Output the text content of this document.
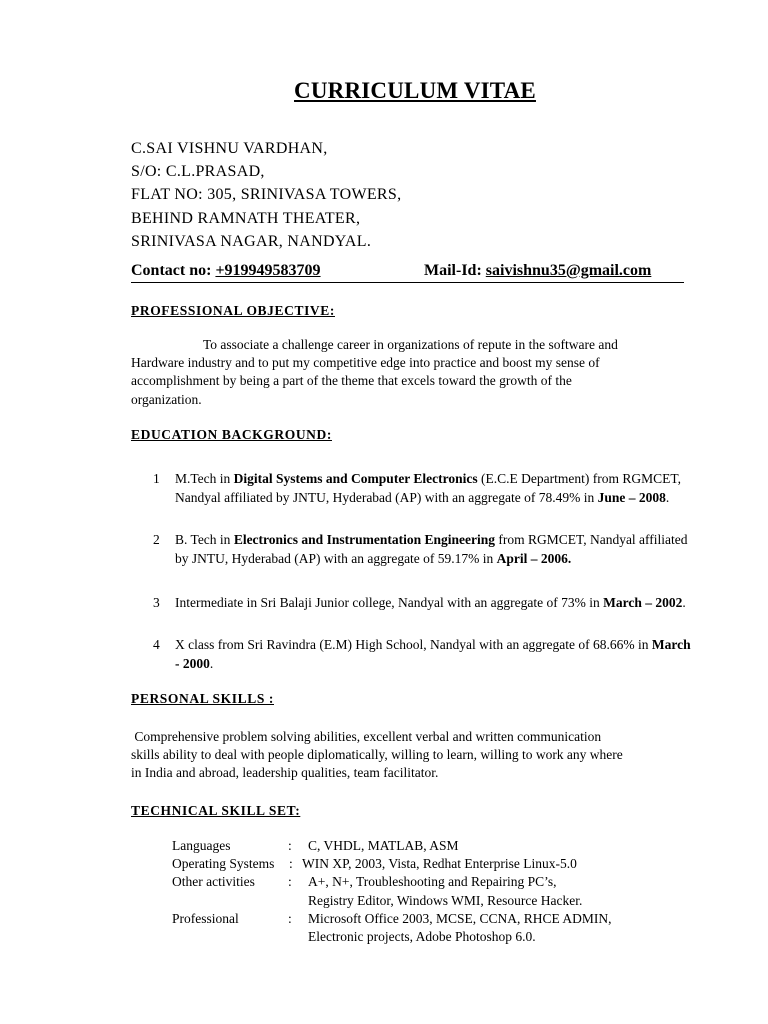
CURRICULUM VITAE
C.SAI VISHNU VARDHAN,
S/O: C.L.PRASAD,
FLAT NO: 305, SRINIVASA TOWERS,
BEHIND RAMNATH THEATER,
SRINIVASA NAGAR, NANDYAL.
Contact no: +919949583709	Mail-Id: saivishnu35@gmail.com
PROFESSIONAL OBJECTIVE:
To associate a challenge career in organizations of repute in the software and
Hardware industry and to put my competitive edge into practice and boost my sense of
accomplishment by being a part of the theme that excels toward the growth of the
organization.
EDUCATION BACKGROUND:
1 M.Tech in Digital Systems and Computer Electronics (E.C.E Department) from RGMCET, Nandyal affiliated by JNTU, Hyderabad (AP) with an aggregate of 78.49% in June – 2008.
2 B. Tech in Electronics and Instrumentation Engineering from RGMCET, Nandyal affiliated by JNTU, Hyderabad (AP) with an aggregate of 59.17% in April – 2006.
3 Intermediate in Sri Balaji Junior college, Nandyal with an aggregate of 73% in March – 2002.
4 X class from Sri Ravindra (E.M) High School, Nandyal with an aggregate of 68.66% in March - 2000.
PERSONAL SKILLS :
Comprehensive problem solving abilities, excellent verbal and written communication
skills ability to deal with people diplomatically, willing to learn, willing to work any where
in India and abroad, leadership qualities, team facilitator.
TECHNICAL SKILL SET:
Languages	: C, VHDL, MATLAB, ASM
Operating Systems : WIN XP, 2003, Vista, Redhat Enterprise Linux-5.0
Other activities : A+, N+, Troubleshooting and Repairing PC’s,
Registry Editor, Windows WMI, Resource Hacker.
Professional	: Microsoft Office 2003, MCSE, CCNA, RHCE ADMIN,
Electronic projects, Adobe Photoshop 6.0.
